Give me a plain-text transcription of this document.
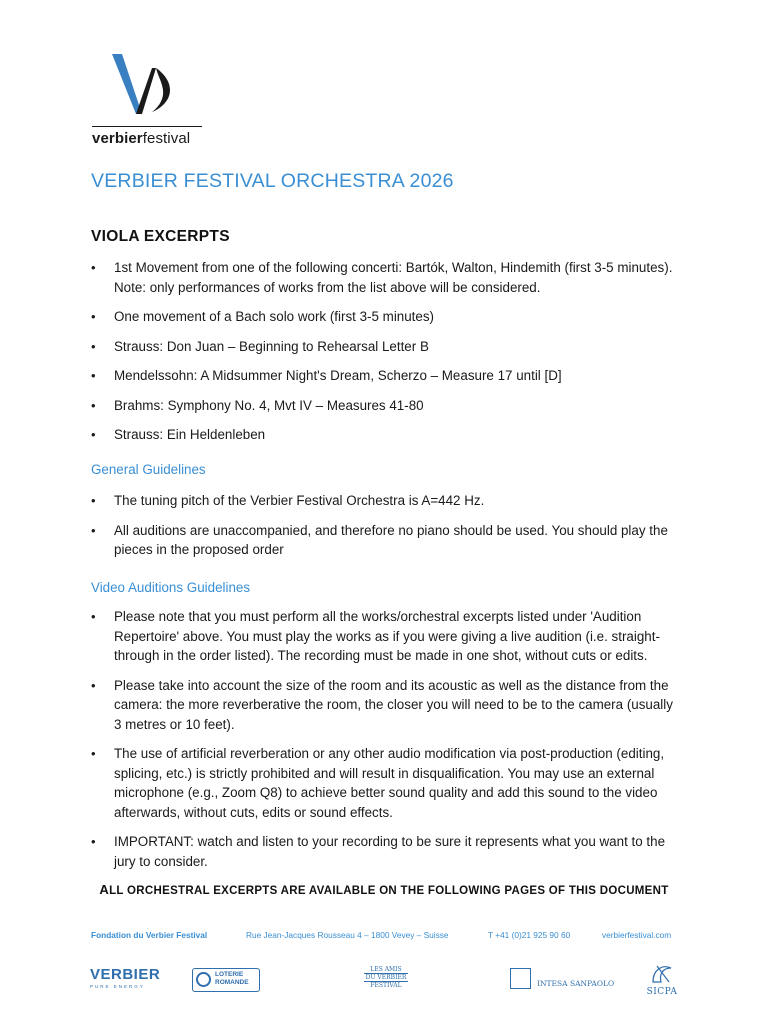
verbierfestival
VERBIER FESTIVAL ORCHESTRA 2026
VIOLA EXCERPTS
• 1st Movement from one of the following concerti: Bartók, Walton, Hindemith (first 3-5 minutes). Note: only performances of works from the list above will be considered.
• One movement of a Bach solo work (first 3-5 minutes)
• Strauss: Don Juan – Beginning to Rehearsal Letter B
• Mendelssohn: A Midsummer Night's Dream, Scherzo – Measure 17 until [D]
• Brahms: Symphony No. 4, Mvt IV – Measures 41-80
• Strauss: Ein Heldenleben
General Guidelines
• The tuning pitch of the Verbier Festival Orchestra is A=442 Hz.
• All auditions are unaccompanied, and therefore no piano should be used. You should play the pieces in the proposed order
Video Auditions Guidelines
• Please note that you must perform all the works/orchestral excerpts listed under 'Audition Repertoire' above. You must play the works as if you were giving a live audition (i.e. straight-through in the order listed). The recording must be made in one shot, without cuts or edits.
• Please take into account the size of the room and its acoustic as well as the distance from the camera: the more reverberative the room, the closer you will need to be to the camera (usually 3 metres or 10 feet).
• The use of artificial reverberation or any other audio modification via post-production (editing, splicing, etc.) is strictly prohibited and will result in disqualification. You may use an external microphone (e.g., Zoom Q8) to achieve better sound quality and add this sound to the video afterwards, without cuts, edits or sound effects.
• IMPORTANT: watch and listen to your recording to be sure it represents what you want to the jury to consider.
ALL ORCHESTRAL EXCERPTS ARE AVAILABLE ON THE FOLLOWING PAGES OF THIS DOCUMENT
Fondation du Verbier Festival	Rue Jean-Jacques Rousseau 4 – 1800 Vevey – Suisse	T +41 (0)21 925 90 60	verbierfestival.com
VERBIER
PURE ENERGY
LOTERIE
ROMANDE
LES AMIS
DU VERBIER
FESTIVAL	INTESA SANPAOLO
SICPA
